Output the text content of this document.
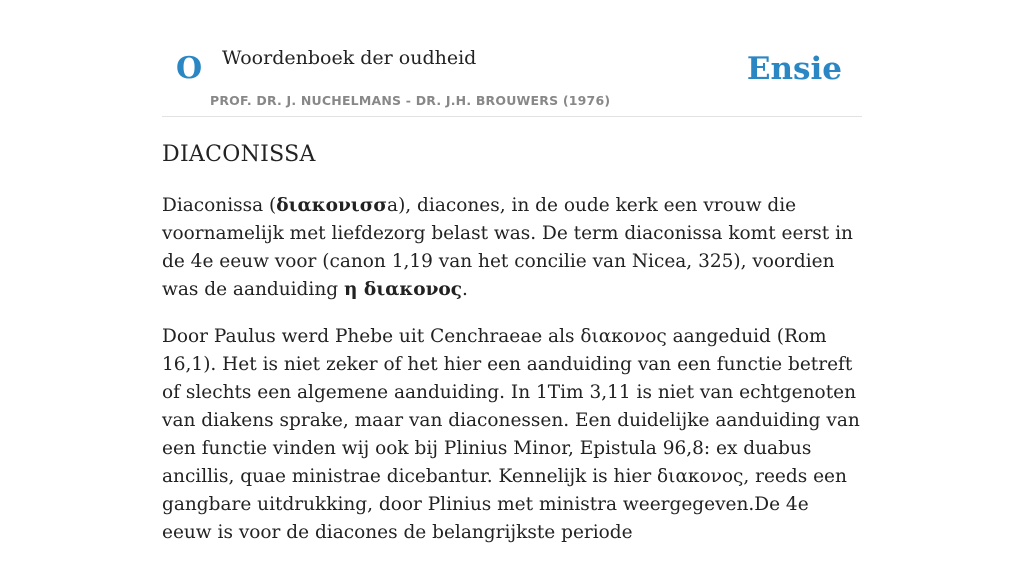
O Woordenboek der oudheid
PROF. DR. J. NUCHELMANS - DR. J.H. BROUWERS (1976)
Ensie
DIACONISSA

Diaconissa (διακονισσa), diacones, in de oude kerk een vrouw die voornamelijk met liefdezorg belast was. De term diaconissa komt eerst in de 4e eeuw voor (canon 1,19 van het concilie van Nicea, 325), voordien was de aanduiding η διακονος.

Door Paulus werd Phebe uit Cenchraeae als διακονος aangeduid (Rom 16,1). Het is niet zeker of het hier een aanduiding van een functie betreft of slechts een algemene aanduiding. In 1Tim 3,11 is niet van echtgenoten van diakens sprake, maar van diaconessen. Een duidelijke aanduiding van een functie vinden wij ook bij Plinius Minor, Epistula 96,8: ex duabus ancillis, quae ministrae dicebantur. Kennelijk is hier διακονος, reeds een gangbare uitdrukking, door Plinius met ministra weergegeven.De 4e eeuw is voor de diacones de belangrijkste periode
